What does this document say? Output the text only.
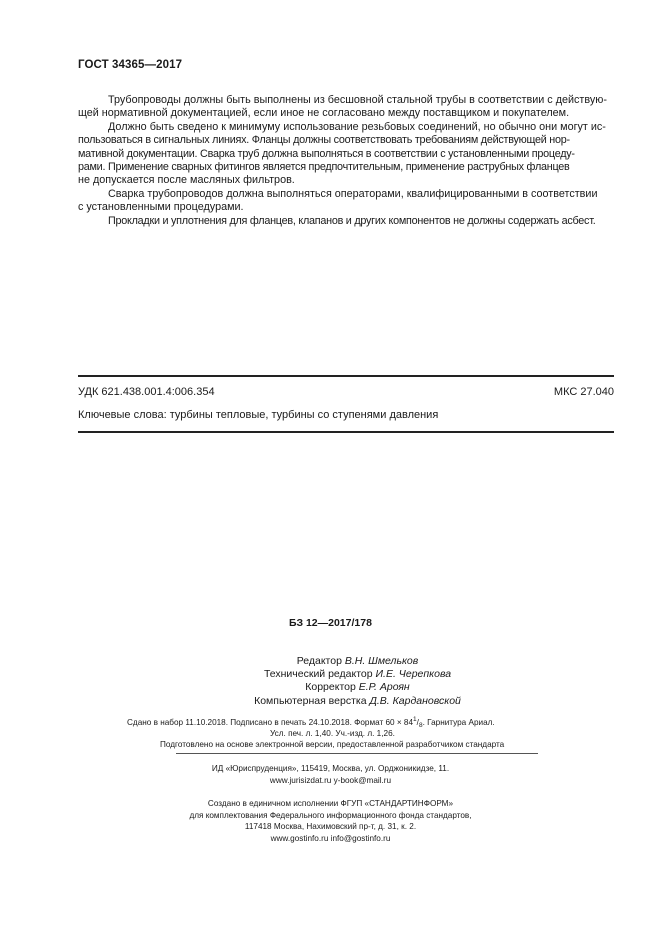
ГОСТ 34365—2017

Трубопроводы должны быть выполнены из бесшовной стальной трубы в соответствии с действую-
щей нормативной документацией, если иное не согласовано между поставщиком и покупателем.

Должно быть сведено к минимуму использование резьбовых соединений, но обычно они могут ис-
пользоваться в сигнальных линиях. Фланцы должны соответствовать требованиям действующей нор-
мативной документации. Сварка труб должна выполняться в соответствии с установленными процеду-
рами. Применение сварных фитингов является предпочтительным, применение раструбных фланцев
не допускается после масляных фильтров.

Сварка трубопроводов должна выполняться операторами, квалифицированными в соответствии
с установленными процедурами.

Прокладки и уплотнения для фланцев, клапанов и других компонентов не должны содержать асбест.

УДК 621.438.001.4:006.354	МКС 27.040
Ключевые слова: турбины тепловые, турбины со ступенями давления
БЗ 12—2017/178
Редактор В.Н. Шмельков
Технический редактор И.Е. Черепкова
Корректор Е.Р. Ароян
Компьютерная верстка Д.В. Кардановской
Сдано в набор 11.10.2018. Подписано в печать 24.10.2018. Формат $60 \times 84^1/_8$. Гарнитура Ариал.
Усл. печ. л. 1,40. Уч.-изд. л. 1,26.
Подготовлено на основе электронной версии, предоставленной разработчиком стандарта
ИД «Юриспруденция», 115419, Москва, ул. Орджоникидзе, 11.
www.jurisizdat.ru y-book@mail.ru
Создано в единичном исполнении ФГУП «СТАНДАРТИНФОРМ»
для комплектования Федерального информационного фонда стандартов,
117418 Москва, Нахимовский пр-т, д. 31, к. 2.
www.gostinfo.ru info@gostinfo.ru
